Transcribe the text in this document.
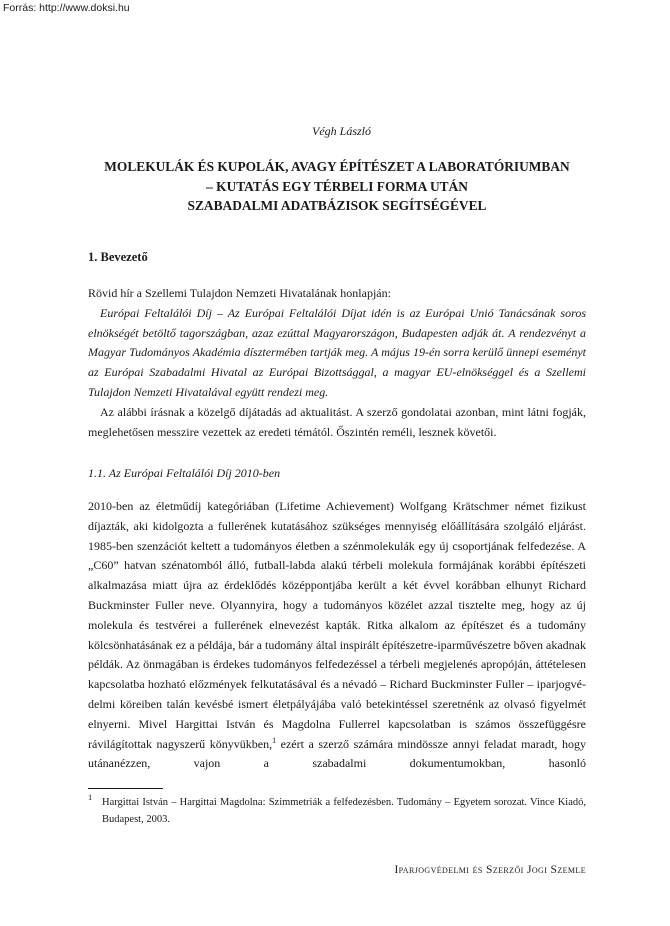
Forrás: http://www.doksi.hu
Végh László
MOLEKULÁK ÉS KUPOLÁK, AVAGY ÉPÍTÉSZET A LABORATÓRIUMBAN
– KUTATÁS EGY TÉRBELI FORMA UTÁN
SZABADALMI ADATBÁZISOK SEGÍTSÉGÉVEL
1. Bevezető

Rövid hír a Szellemi Tulajdon Nemzeti Hivatalának honlapján:

Európai Feltalálói Díj – Az Európai Feltalálói Díjat idén is az Európai Unió Tanácsának soros elnökségét betöltő tagországban, azaz ezúttal Magyarországon, Budapesten adják át. A rendezvényt a Magyar Tudományos Akadémia dísztermében tartják meg. A május 19-én sorra kerülő ünnepi eseményt az Európai Szabadalmi Hivatal az Európai Bizottsággal, a magyar EU-elnökséggel és a Szellemi Tulajdon Nemzeti Hivatalával együtt rendezi meg.

Az alábbi írásnak a közelgő díjátadás ad aktualitást. A szerző gondolatai azonban, mint látni fogják, meglehetősen messzire vezettek az eredeti témától. Őszintén reméli, lesznek követői.

1.1. Az Európai Feltalálói Díj 2010-ben

2010-ben az életműdíj kategóriában (Lifetime Achievement) Wolfgang Krätschmer német fizikust díjazták, aki kidolgozta a fullerének kutatásához szükséges mennyiség előállítására szolgáló eljárást. 1985-ben szenzációt keltett a tudományos életben a szénmolekulák egy új csoportjának felfedezése. A „C60” hatvan szénatomból álló, futball-labda alakú térbeli molekula formájának korábbi építészeti alkalmazása miatt újra az érdeklődés középpontjába került a két évvel korábban elhunyt Richard Buckminster Fuller neve. Olyannyira, hogy a tudományos közélet azzal tisztelte meg, hogy az új molekula és testvérei a fullerének elnevezést kapták. Ritka alkalom az építészet és a tudomány kölcsönhatásának ez a példája, bár a tudomány által inspirált építészetre-iparművészetre bőven akadnak példák. Az önmagában is érdekes tudományos felfedezéssel a térbeli megjelenés apropóján, áttételesen kapcsolatba hozható előzmények felkutatásával és a névadó – Richard Buckminster Fuller – iparjogvédelmi köreiben talán kevésbé ismert életpályájába való betekintéssel szeretnénk az olvasó figyelmét elnyerni. Mivel Hargittai István és Magdolna Fullerrel kapcsolatban is számos összefüggésre rávilágítottak nagyszerű könyvükben,$^1$ ezért a szerző számára mindössze annyi feladat maradt, hogy utánanézzen, vajon a szabadalmi dokumentumokban, hasonló

1 Hargittai István – Hargittai Magdolna: Szimmetriák a felfedezésben. Tudomány – Egyetem sorozat. Vince Kiadó, Budapest, 2003.
Iparjogvédelmi és Szerzői Jogi Szemle
